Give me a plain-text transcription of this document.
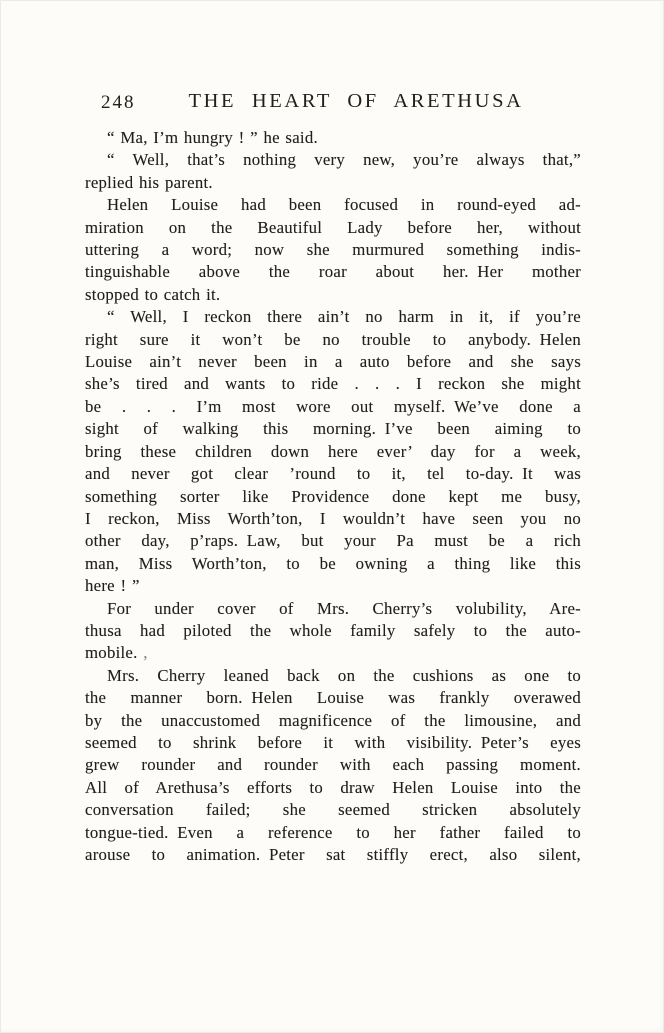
248	THE HEART OF ARETHUSA
“ Ma, I’m hungry ! ” he said.
“ Well, that’s nothing very new, you’re always that,”
replied his parent.
Helen Louise had been focused in round-eyed ad-
miration on the Beautiful Lady before her, without
uttering a word; now she murmured something indis-
tinguishable above the roar about her. Her mother
stopped to catch it.
“ Well, I reckon there ain’t no harm in it, if you’re
right sure it won’t be no trouble to anybody. Helen
Louise ain’t never been in a auto before and she says
she’s tired and wants to ride . . . I reckon she might
be . . . I’m most wore out myself. We’ve done a
sight of walking this morning. I’ve been aiming to
bring these children down here ever’ day for a week,
and never got clear ’round to it, tel to-day. It was
something sorter like Providence done kept me busy,
I reckon, Miss Worth’ton, I wouldn’t have seen you no
other day, p’raps. Law, but your Pa must be a rich
man, Miss Worth’ton, to be owning a thing like this
here ! ”
For under cover of Mrs. Cherry’s volubility, Are-
thusa had piloted the whole family safely to the auto-
mobile. ,
Mrs. Cherry leaned back on the cushions as one to
the manner born. Helen Louise was frankly overawed
by the unaccustomed magnificence of the limousine, and
seemed to shrink before it with visibility. Peter’s eyes
grew rounder and rounder with each passing moment.
All of Arethusa’s efforts to draw Helen Louise into the
conversation failed; she seemed stricken absolutely
tongue-tied. Even a reference to her father failed to
arouse to animation. Peter sat stiffly erect, also silent,
